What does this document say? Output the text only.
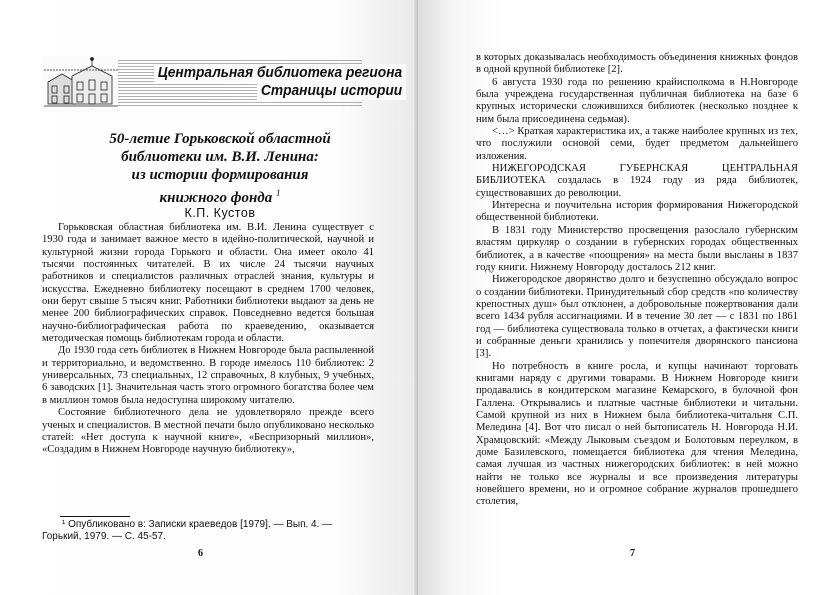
Центральная библиотека региона
Страницы истории
50-летие Горьковской областной
библиотеки им. В.И. Ленина:
из истории формирования
книжного фонда $^1$
К.П. Кустов

Горьковская областная библиотека им. В.И. Ленина существует с 1930 года и занимает важное место в идейно-политической, научной и культурной жизни города Горького и области. Она имеет около 41 тысячи постоянных читателей. В их числе 24 тысячи научных работников и специалистов различных отраслей знания, культуры и искусства. Ежедневно библиотеку посещают в среднем 1700 человек, они берут свыше 5 тысяч книг. Работники библиотеки выдают за день не менее 200 библиографических справок. Повседневно ведется большая научно-библиографическая работа по краеведению, оказывается методическая помощь библиотекам города и области.

До 1930 года сеть библиотек в Нижнем Новгороде была распыленной и территориально, и ведомственно. В городе имелось 110 библиотек: 2 универсальных, 73 специальных, 12 справочных, 8 клубных, 9 учебных, 6 заводских [1]. Значительная часть этого огромного богатства более чем в миллион томов была недоступна широкому читателю.

Состояние библиотечного дела не удовлетворяло прежде всего ученых и специалистов. В местной печати было опубликовано несколько статей: «Нет доступа к научной книге», «Беспризорный миллион», «Создадим в Нижнем Новгороде научную библиотеку»,

¹ Опубликовано в: Записки краеведов [1979]. — Вып. 4. — Горький, 1979. — С. 45-57.
6

в которых доказывалась необходимость объединения книжных фондов в одной крупной библиотеке [2].

6 августа 1930 года по решению крайисполкома в Н.Новгороде была учреждена государственная публичная библиотека на базе 6 крупных исторически сложившихся библиотек (несколько позднее к ним была присоединена седьмая).

<…> Краткая характеристика их, а также наиболее крупных из тех, что послужили основой семи, будет предметом дальнейшего изложения.

НИЖЕГОРОДСКАЯ ГУБЕРНСКАЯ ЦЕНТРАЛЬНАЯ БИБЛИОТЕКА создалась в 1924 году из ряда библиотек, существовавших до революции.

Интересна и поучительна история формирования Нижегородской общественной библиотеки.

В 1831 году Министерство просвещения разослало губернским властям циркуляр о создании в губернских городах общественных библиотек, а в качестве «поощрения» на места были высланы в 1837 году книги. Нижнему Новгороду досталось 212 книг.

Нижегородское дворянство долго и безуспешно обсуждало вопрос о создании библиотеки. Принудительный сбор средств «по количеству крепостных душ» был отклонен, а добровольные пожертвования дали всего 1434 рубля ассигнациями. И в течение 30 лет — с 1831 по 1861 год — библиотека существовала только в отчетах, а фактически книги и собранные деньги хранились у попечителя дворянского пансиона [3].

Но потребность в книге росла, и купцы начинают торговать книгами наряду с другими товарами. В Нижнем Новгороде книги продавались в кондитерском магазине Кемарского, в булочной фон Галлена. Открывались и платные частные библиотеки и читальни. Самой крупной из них в Нижнем была библиотека-читальня С.П. Меледина [4]. Вот что писал о ней бытописатель Н. Новгорода Н.И. Храмцовский: «Между Лыковым съездом и Болотовым переулком, в доме Базилевского, помещается библиотека для чтения Меледина, самая лучшая из частных нижегородских библиотек: в ней можно найти не только все журналы и все произведения литературы новейшего времени, но и огромное собрание журналов прошедшего столетия,

7
